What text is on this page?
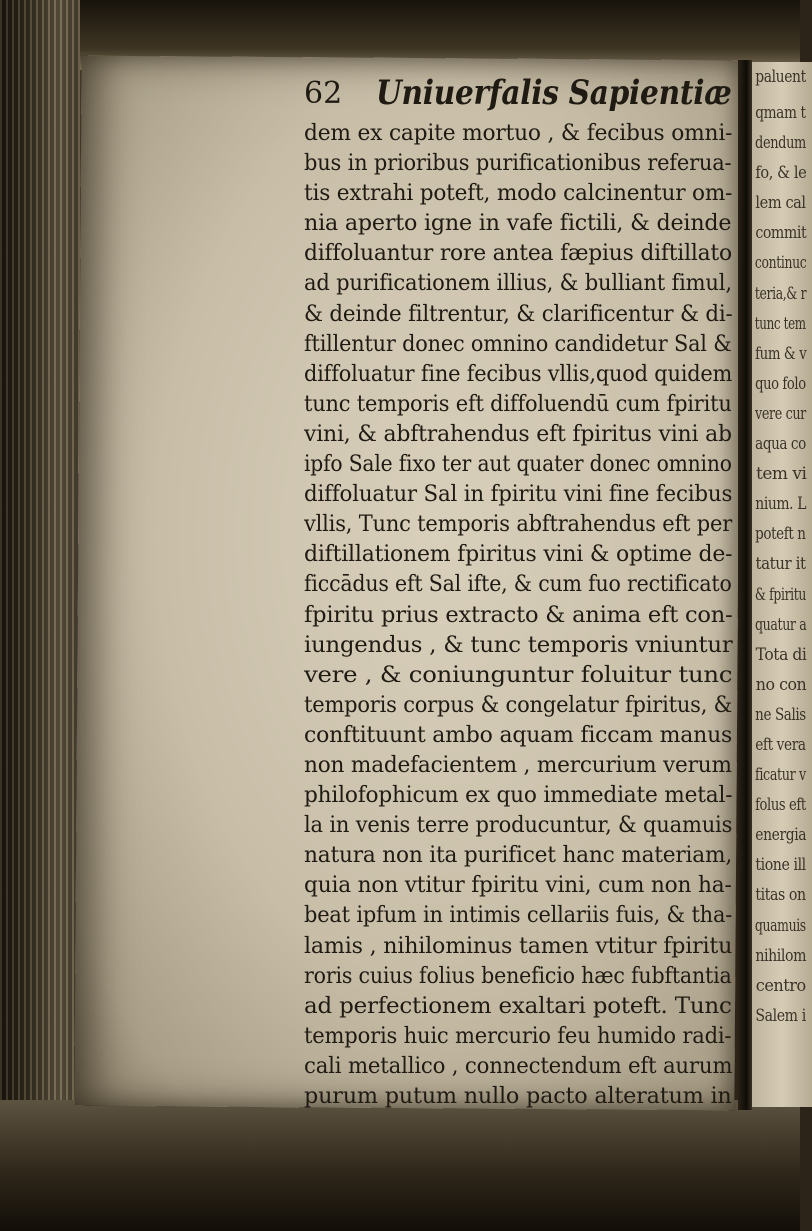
paluent
qmam t
dendum
fo, & le
lem cal
commit
continuc
teria,& r
tunc tem
fum & v
quo folo
vere cur
aqua co
tem vi
nium. L
poteft n
tatur it
& fpiritu
quatur a
Tota di
no con
ne Salis
eft vera
ficatur v
folus eft
energia
tione ill
titas on
quamuis
nihilom
centro
Salem i
62 Uniuerfalis Sapientiæ
dem ex capite mortuo , & fecibus omni-
bus in prioribus purificationibus referua-
tis extrahi poteft, modo calcinentur om-
nia aperto igne in vafe fictili, & deinde
diffoluantur rore antea fæpius diftillato
ad purificationem illius, & bulliant fimul,
& deinde filtrentur, & clarificentur & di-
ftillentur donec omnino candidetur Sal &
diffoluatur fine fecibus vllis,quod quidem
tunc temporis eft diffoluendū cum fpiritu
vini, & abftrahendus eft fpiritus vini ab
ipfo Sale fixo ter aut quater donec omnino
diffoluatur Sal in fpiritu vini fine fecibus
vllis, Tunc temporis abftrahendus eft per
diftillationem fpiritus vini & optime de-
ficcādus eft Sal ifte, & cum fuo rectificato
fpiritu prius extracto & anima eft con-
iungendus , & tunc temporis vniuntur
vere , & coniunguntur foluitur tunc
temporis corpus & congelatur fpiritus, &
conftituunt ambo aquam ficcam manus
non madefacientem , mercurium verum
philofophicum ex quo immediate metal-
la in venis terre producuntur, & quamuis
natura non ita purificet hanc materiam,
quia non vtitur fpiritu vini, cum non ha-
beat ipfum in intimis cellariis fuis, & tha-
lamis , nihilominus tamen vtitur fpiritu
roris cuius folius beneficio hæc fubftantia
ad perfectionem exaltari poteft. Tunc
temporis huic mercurio feu humido radi-
cali metallico , connectendum eft aurum
purum putum nullo pacto alteratum in
